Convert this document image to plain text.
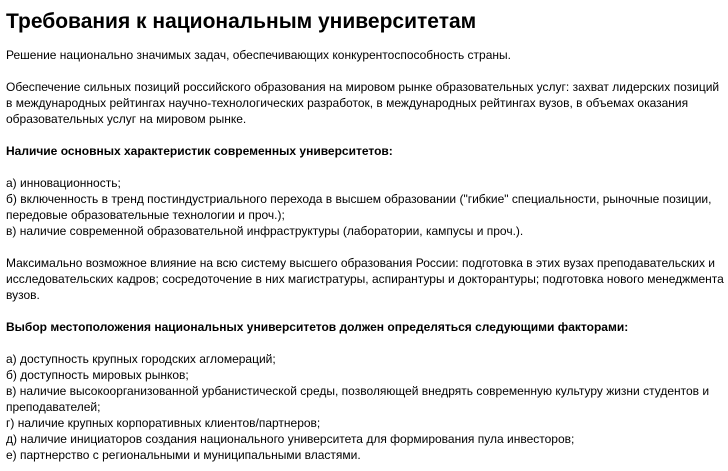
Требования к национальным университетам

Решение национально значимых задач, обеспечивающих конкурентоспособность страны.

Обеспечение сильных позиций российского образования на мировом рынке образовательных услуг: захват лидерских позиций в международных рейтингах научно-технологических разработок, в международных рейтингах вузов, в объемах оказания образовательных услуг на мировом рынке.

Наличие основных характеристик современных университетов:

а) инновационность;
б) включенность в тренд постиндустриального перехода в высшем образовании ("гибкие" специальности, рыночные позиции, передовые образовательные технологии и проч.);
в) наличие современной образовательной инфраструктуры (лаборатории, кампусы и проч.).

Максимально возможное влияние на всю систему высшего образования России: подготовка в этих вузах преподавательских и исследовательских кадров; сосредоточение в них магистратуры, аспирантуры и докторантуры; подготовка нового менеджмента вузов.

Выбор местоположения национальных университетов должен определяться следующими факторами:

а) доступность крупных городских агломераций;
б) доступность мировых рынков;
в) наличие высокоорганизованной урбанистической среды, позволяющей внедрять современную культуру жизни студентов и преподавателей;
г) наличие крупных корпоративных клиентов/партнеров;
д) наличие инициаторов создания национального университета для формирования пула инвесторов;
е) партнерство с региональными и муниципальными властями.
